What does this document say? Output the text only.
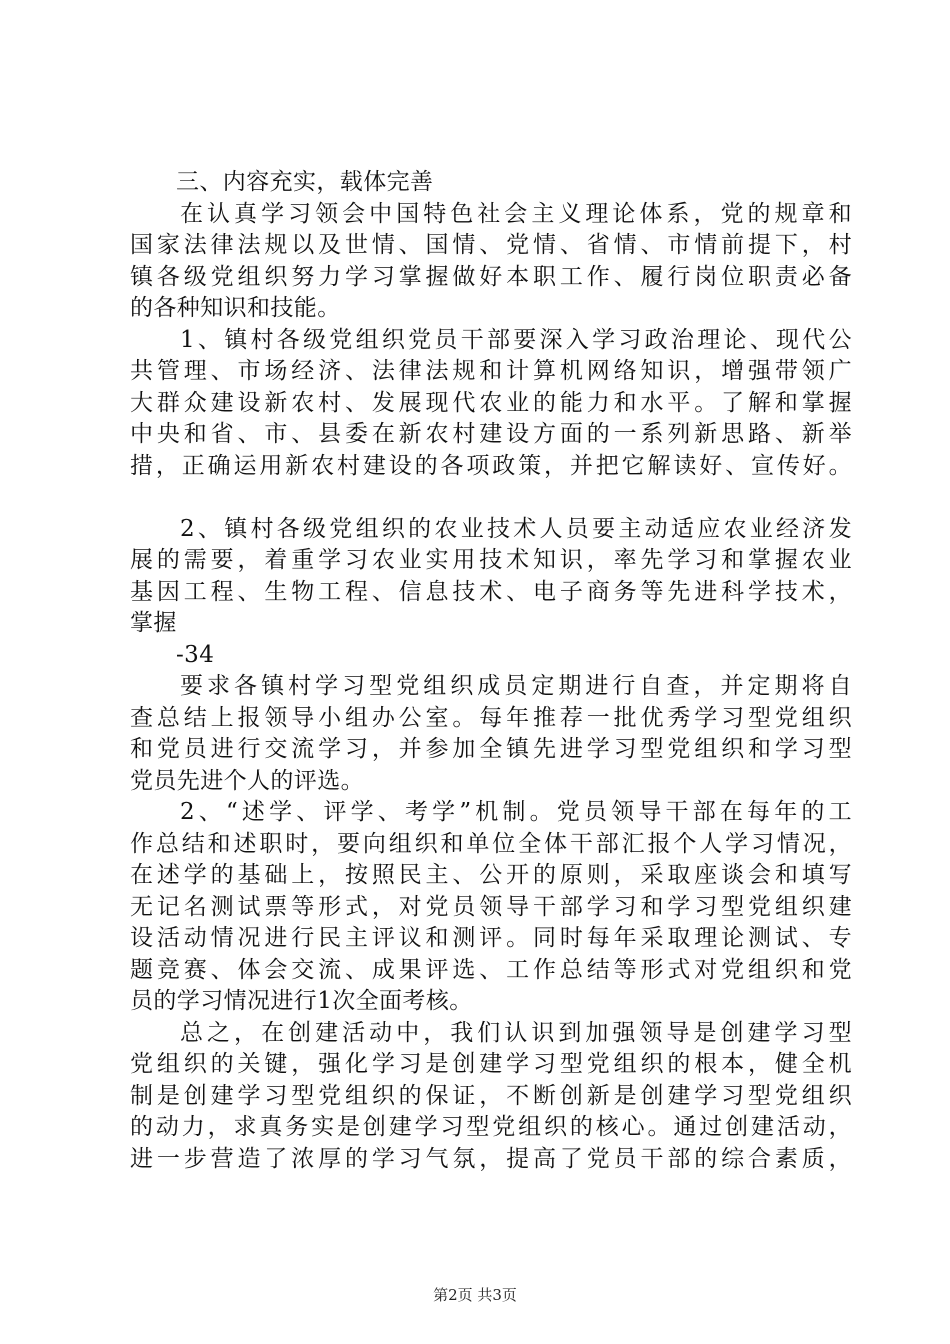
三、内容充实，载体完善
在认真学习领会中国特色社会主义理论体系，党的规章和
国家法律法规以及世情、国情、党情、省情、市情前提下，村
镇各级党组织努力学习掌握做好本职工作、履行岗位职责必备
的各种知识和技能。
1、镇村各级党组织党员干部要深入学习政治理论、现代公
共管理、市场经济、法律法规和计算机网络知识，增强带领广
大群众建设新农村、发展现代农业的能力和水平。了解和掌握
中央和省、市、县委在新农村建设方面的一系列新思路、新举
措，正确运用新农村建设的各项政策，并把它解读好、宣传好。
2、镇村各级党组织的农业技术人员要主动适应农业经济发
展的需要，着重学习农业实用技术知识，率先学习和掌握农业
基因工程、生物工程、信息技术、电子商务等先进科学技术，
掌握
-34
要求各镇村学习型党组织成员定期进行自查，并定期将自
查总结上报领导小组办公室。每年推荐一批优秀学习型党组织
和党员进行交流学习，并参加全镇先进学习型党组织和学习型
党员先进个人的评选。
2、“述学、评学、考学”机制。党员领导干部在每年的工
作总结和述职时，要向组织和单位全体干部汇报个人学习情况，
在述学的基础上，按照民主、公开的原则，采取座谈会和填写
无记名测试票等形式，对党员领导干部学习和学习型党组织建
设活动情况进行民主评议和测评。同时每年采取理论测试、专
题竞赛、体会交流、成果评选、工作总结等形式对党组织和党
员的学习情况进行1次全面考核。
总之，在创建活动中，我们认识到加强领导是创建学习型
党组织的关键，强化学习是创建学习型党组织的根本，健全机
制是创建学习型党组织的保证，不断创新是创建学习型党组织
的动力，求真务实是创建学习型党组织的核心。通过创建活动，
进一步营造了浓厚的学习气氛，提高了党员干部的综合素质，
第2页 共3页
